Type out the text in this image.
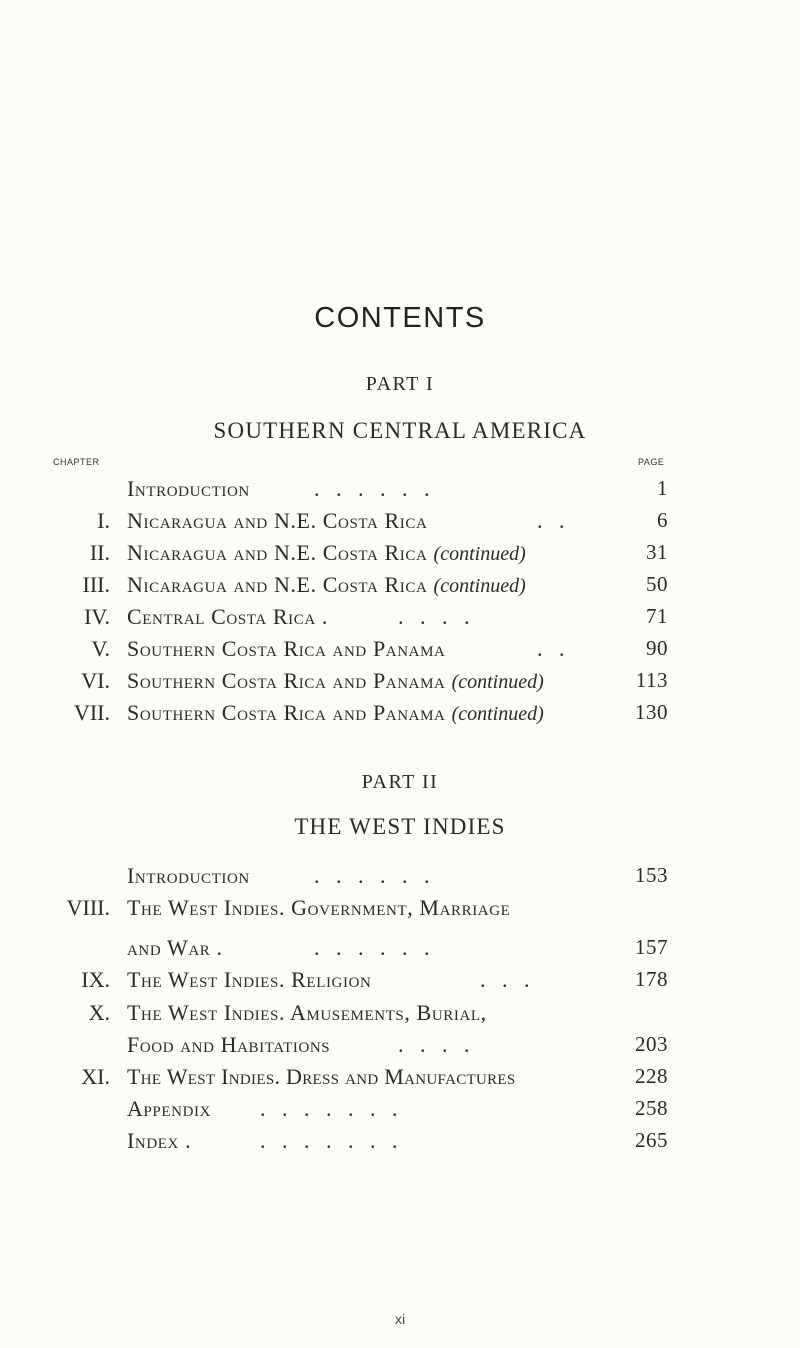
CONTENTS
PART I
SOUTHERN CENTRAL AMERICA
CHAPTER	PAGE
Introduction	.   .   .   .   .   .	1
I. Nicaragua and N.E. Costa Rica	.   .	6
II. Nicaragua and N.E. Costa Rica (continued)	31
III. Nicaragua and N.E. Costa Rica (continued)	50
IV. Central Costa Rica .	.   .   .   .	71
V. Southern Costa Rica and Panama	.   .	90
VI. Southern Costa Rica and Panama (continued)	113
VII. Southern Costa Rica and Panama (continued)	130
PART II
THE WEST INDIES
Introduction	.   .   .   .   .   .	153
VIII. The West Indies. Government, Marriage
and War .	.   .   .   .   .   .	157
IX. The West Indies. Religion	.   .   .	178
X. The West Indies. Amusements, Burial,
Food and Habitations	.   .   .   .	203
XI. The West Indies. Dress and Manufactures	228
Appendix .   .   .   .   .   .   .	258
Index .	.   .   .   .   .   .   .	265
xi
